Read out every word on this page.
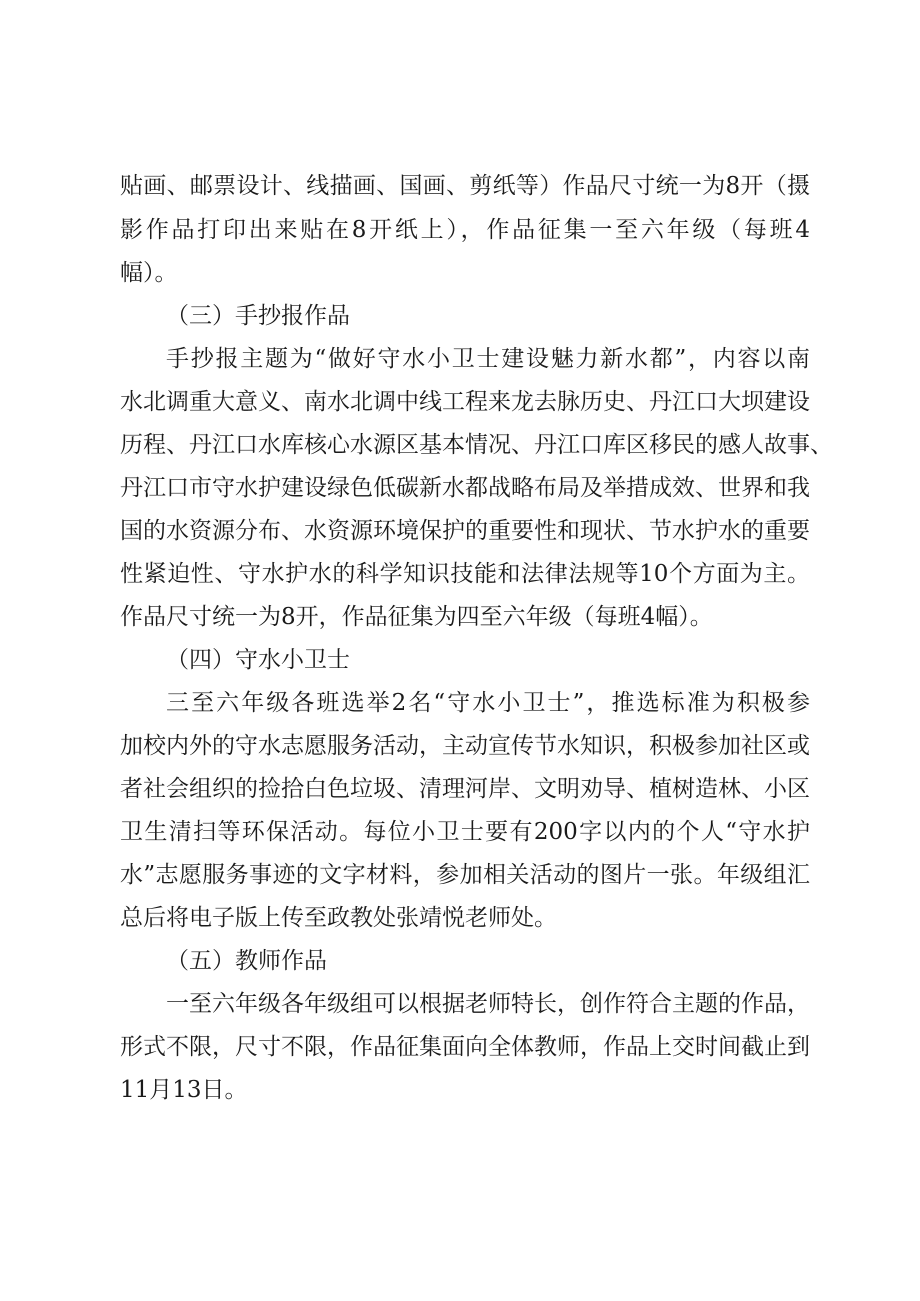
贴画、邮票设计、线描画、国画、剪纸等）作品尺寸统一为8开（摄
影作品打印出来贴在8开纸上），作品征集一至六年级（每班4
幅）。
（三）手抄报作品
手抄报主题为“做好守水小卫士建设魅力新水都”，内容以南
水北调重大意义、南水北调中线工程来龙去脉历史、丹江口大坝建设
历程、丹江口水库核心水源区基本情况、丹江口库区移民的感人故事、
丹江口市守水护建设绿色低碳新水都战略布局及举措成效、世界和我
国的水资源分布、水资源环境保护的重要性和现状、节水护水的重要
性紧迫性、守水护水的科学知识技能和法律法规等10个方面为主。
作品尺寸统一为8开，作品征集为四至六年级（每班4幅）。
（四）守水小卫士
三至六年级各班选举2名“守水小卫士”，推选标准为积极参
加校内外的守水志愿服务活动，主动宣传节水知识，积极参加社区或
者社会组织的捡拾白色垃圾、清理河岸、文明劝导、植树造林、小区
卫生清扫等环保活动。每位小卫士要有200字以内的个人“守水护
水”志愿服务事迹的文字材料，参加相关活动的图片一张。年级组汇
总后将电子版上传至政教处张靖悦老师处。
（五）教师作品
一至六年级各年级组可以根据老师特长，创作符合主题的作品，
形式不限，尺寸不限，作品征集面向全体教师，作品上交时间截止到
11月13日。
